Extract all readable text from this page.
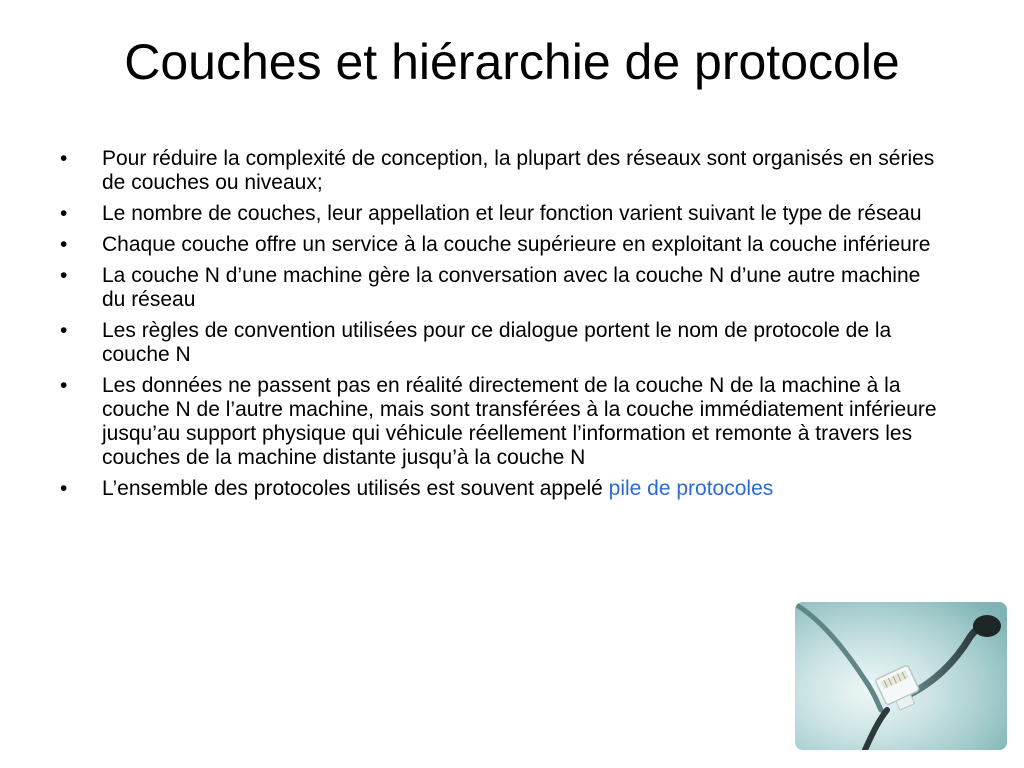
Couches et hiérarchie de protocole
• Pour réduire la complexité de conception, la plupart des réseaux sont organisés en séries de couches ou niveaux;
• Le nombre de couches, leur appellation et leur fonction varient suivant le type de réseau
• Chaque couche offre un service à la couche supérieure en exploitant la couche inférieure
• La couche N d’une machine gère la conversation avec la couche N d’une autre machine du réseau
• Les règles de convention utilisées pour ce dialogue portent le nom de protocole de la couche N
• Les données ne passent pas en réalité directement de la couche N de la machine à la couche N de l’autre machine, mais sont transférées à la couche immédiatement inférieure jusqu’au support physique qui véhicule réellement l’information et remonte à travers les couches de la machine distante jusqu’à la couche N
• L’ensemble des protocoles utilisés est souvent appelé pile de protocoles
